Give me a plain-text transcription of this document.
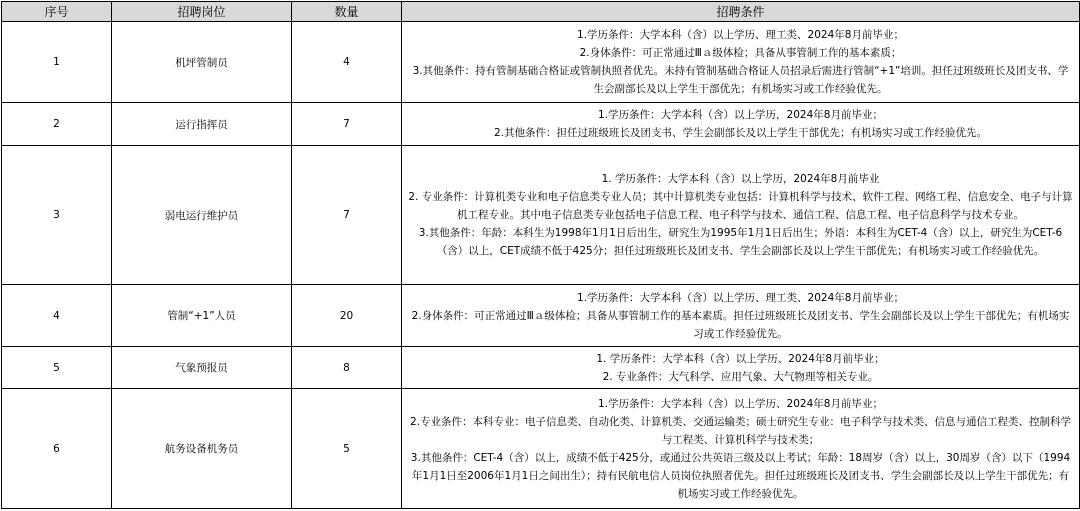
序号	招聘岗位	数量	招聘条件
1	机坪管制员	4	1.学历条件：大学本科（含）以上学历、理工类、2024年8月前毕业；
2.身体条件：可正常通过Ⅲａ级体检；具备从事管制工作的基本素质；
3.其他条件：持有管制基础合格证或管制执照者优先。未持有管制基础合格证人员招录后需进行管制“+1”培训。担任过班级班长及团支书、学生会副部长及以上学生干部优先；有机场实习或工作经验优先。

2	运行指挥员	7	1.学历条件：大学本科（含）以上学历，2024年8月前毕业；
2.其他条件：担任过班级班长及团支书、学生会副部长及以上学生干部优先；有机场实习或工作经验优先。

3	弱电运行维护员	7	1. 学历条件：大学本科（含）以上学历，2024年8月前毕业
2. 专业条件：计算机类专业和电子信息类专业人员；其中计算机类专业包括：计算机科学与技术、软件工程、网络工程、信息安全、电子与计算机工程专业。其中电子信息类专业包括电子信息工程、电子科学与技术、通信工程、信息工程、电子信息科学与技术专业。
3.其他条件：年龄：本科生为1998年1月1日后出生，研究生为1995年1月1日后出生；外语：本科生为CET-4（含）以上，研究生为CET-6（含）以上，CET成绩不低于425分；担任过班级班长及团支书、学生会副部长及以上学生干部优先；有机场实习或工作经验优先。

4	管制“+1”人员	20	1.学历条件：大学本科（含）以上学历、理工类、2024年8月前毕业；
2.身体条件：可正常通过Ⅲａ级体检；具备从事管制工作的基本素质。担任过班级班长及团支书、学生会副部长及以上学生干部优先；有机场实习或工作经验优先。

5	气象预报员	8	1. 学历条件：大学本科（含）以上学历、2024年8月前毕业；
2. 专业条件：大气科学、应用气象、大气物理等相关专业。

6	航务设备机务员	5	1.学历条件：大学本科（含）以上学历、2024年8月前毕业；
2.专业条件：本科专业：电子信息类、自动化类、计算机类、交通运输类；硕士研究生专业：电子科学与技术类、信息与通信工程类、控制科学与工程类、计算机科学与技术类；
3.其他条件：CET-4（含）以上，成绩不低于425分，或通过公共英语三级及以上考试；年龄：18周岁（含）以上，30周岁（含）以下（1994年1月1日至2006年1月1日之间出生）；持有民航电信人员岗位执照者优先。担任过班级班长及团支书、学生会副部长及以上学生干部优先；有机场实习或工作经验优先。
